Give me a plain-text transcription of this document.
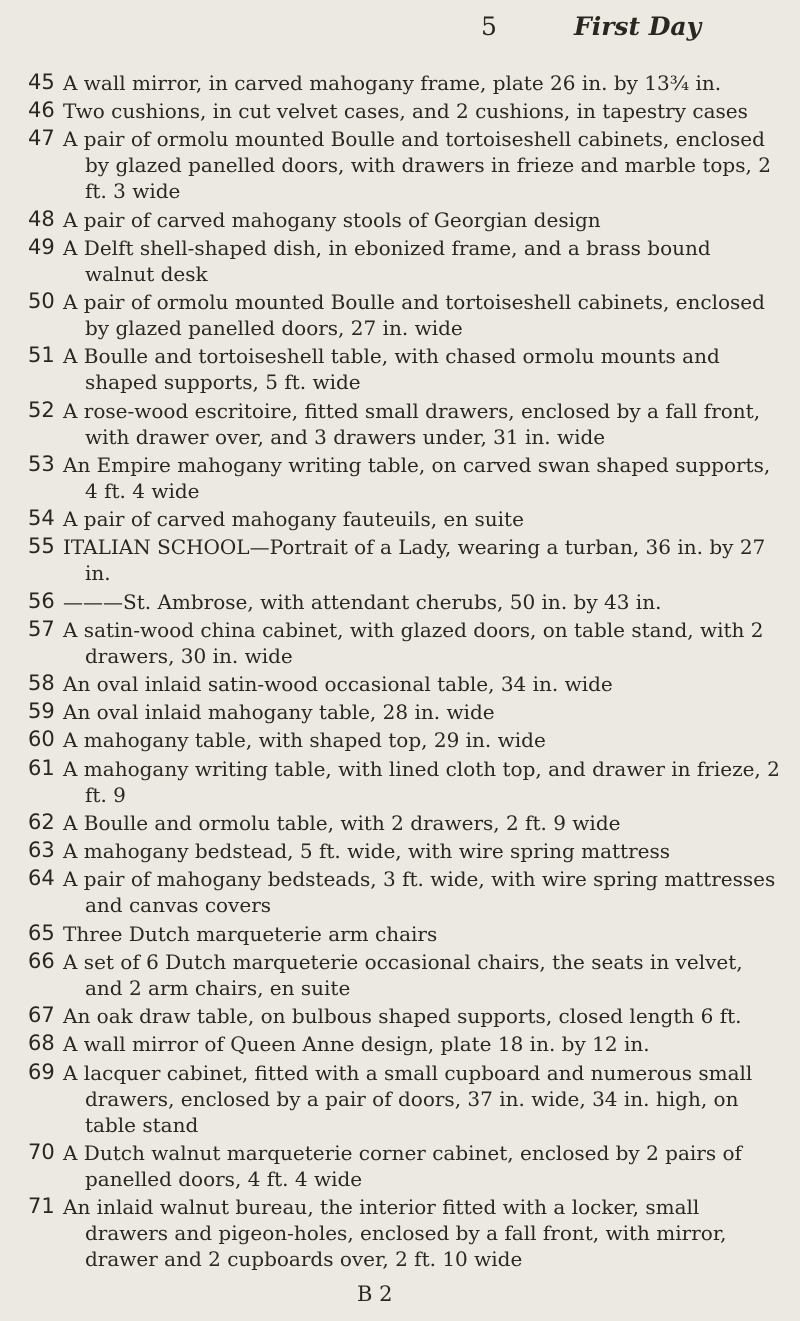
5	First Day
45 A wall mirror, in carved mahogany frame, plate 26 in. by 13¾ in.
46 Two cushions, in cut velvet cases, and 2 cushions, in tapestry cases
47 A pair of ormolu mounted Boulle and tortoiseshell cabinets, enclosed by glazed panelled doors, with drawers in frieze and marble tops, 2 ft. 3 wide
48 A pair of carved mahogany stools of Georgian design
49 A Delft shell-shaped dish, in ebonized frame, and a brass bound walnut desk
50 A pair of ormolu mounted Boulle and tortoiseshell cabinets, enclosed by glazed panelled doors, 27 in. wide
51 A Boulle and tortoiseshell table, with chased ormolu mounts and shaped supports, 5 ft. wide
52 A rose-wood escritoire, fitted small drawers, enclosed by a fall front, with drawer over, and 3 drawers under, 31 in. wide
53 An Empire mahogany writing table, on carved swan shaped supports, 4 ft. 4 wide
54 A pair of carved mahogany fauteuils, en suite
55 ITALIAN SCHOOL—Portrait of a Lady, wearing a turban, 36 in. by 27 in.
56 ———St. Ambrose, with attendant cherubs, 50 in. by 43 in.
57 A satin-wood china cabinet, with glazed doors, on table stand, with 2 drawers, 30 in. wide
58 An oval inlaid satin-wood occasional table, 34 in. wide
59 An oval inlaid mahogany table, 28 in. wide
60 A mahogany table, with shaped top, 29 in. wide
61 A mahogany writing table, with lined cloth top, and drawer in frieze, 2 ft. 9
62 A Boulle and ormolu table, with 2 drawers, 2 ft. 9 wide
63 A mahogany bedstead, 5 ft. wide, with wire spring mattress
64 A pair of mahogany bedsteads, 3 ft. wide, with wire spring mattresses and canvas covers
65 Three Dutch marqueterie arm chairs
66 A set of 6 Dutch marqueterie occasional chairs, the seats in velvet, and 2 arm chairs, en suite
67 An oak draw table, on bulbous shaped supports, closed length 6 ft.
68 A wall mirror of Queen Anne design, plate 18 in. by 12 in.
69 A lacquer cabinet, fitted with a small cupboard and numerous small drawers, enclosed by a pair of doors, 37 in. wide, 34 in. high, on table stand
70 A Dutch walnut marqueterie corner cabinet, enclosed by 2 pairs of panelled doors, 4 ft. 4 wide
71 An inlaid walnut bureau, the interior fitted with a locker, small drawers and pigeon-holes, enclosed by a fall front, with mirror, drawer and 2 cupboards over, 2 ft. 10 wide
B 2
